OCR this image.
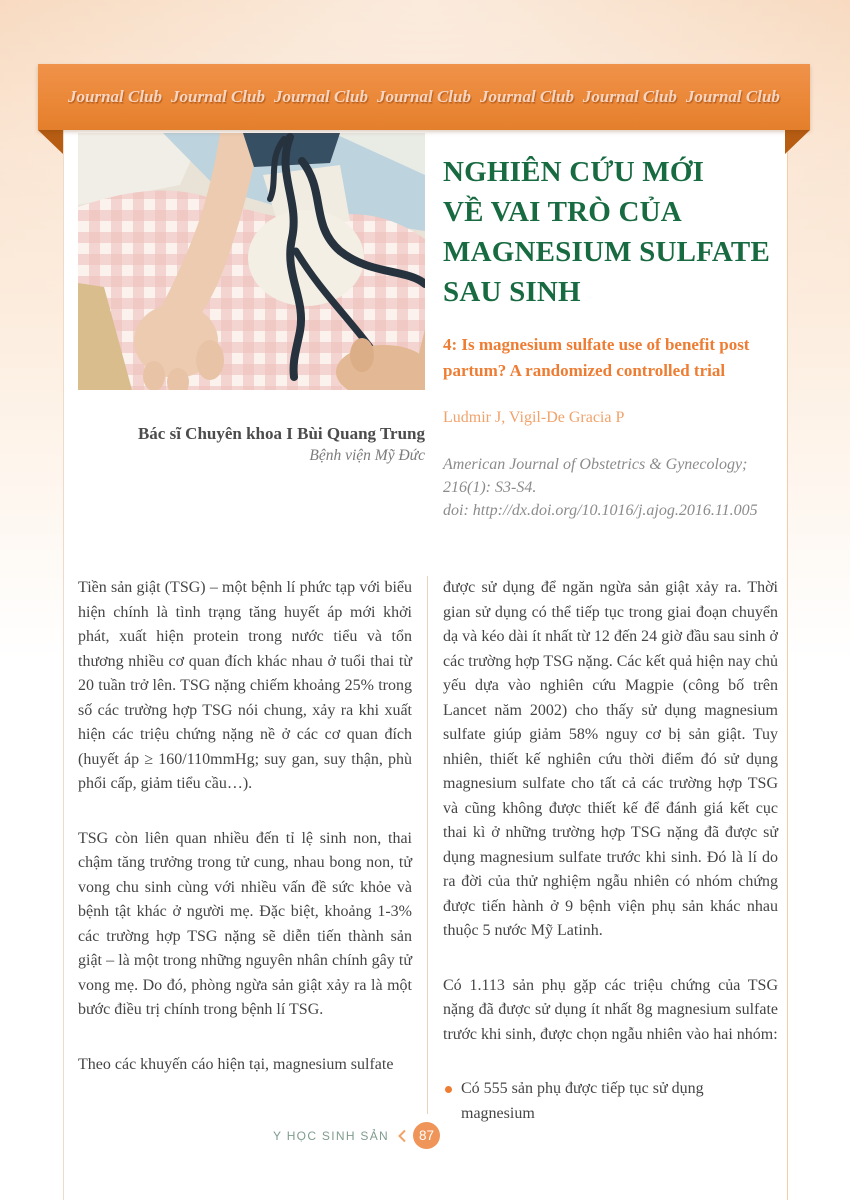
Journal Club Journal Club Journal Club Journal Club Journal Club Journal Club Journal Club
NGHIÊN CỨU MỚI
VỀ VAI TRÒ CỦA
MAGNESIUM SULFATE
SAU SINH
4: Is magnesium sulfate use of benefit post partum? A randomized controlled trial
Ludmir J, Vigil-De Gracia P
American Journal of Obstetrics & Gynecology; 216(1): S3-S4.
doi: http://dx.doi.org/10.1016/j.ajog.2016.11.005
Bác sĩ Chuyên khoa I Bùi Quang Trung
Bệnh viện Mỹ Đức

Tiền sản giật (TSG) – một bệnh lí phức tạp với biểu hiện chính là tình trạng tăng huyết áp mới khởi phát, xuất hiện protein trong nước tiểu và tổn thương nhiều cơ quan đích khác nhau ở tuổi thai từ 20 tuần trở lên. TSG nặng chiếm khoảng 25% trong số các trường hợp TSG nói chung, xảy ra khi xuất hiện các triệu chứng nặng nề ở các cơ quan đích (huyết áp ≥ 160/110mmHg; suy gan, suy thận, phù phổi cấp, giảm tiểu cầu…).

TSG còn liên quan nhiều đến tỉ lệ sinh non, thai chậm tăng trưởng trong tử cung, nhau bong non, tử vong chu sinh cùng với nhiều vấn đề sức khỏe và bệnh tật khác ở người mẹ. Đặc biệt, khoảng 1-3% các trường hợp TSG nặng sẽ diễn tiến thành sản giật – là một trong những nguyên nhân chính gây tử vong mẹ. Do đó, phòng ngừa sản giật xảy ra là một bước điều trị chính trong bệnh lí TSG.

Theo các khuyến cáo hiện tại, magnesium sulfate

được sử dụng để ngăn ngừa sản giật xảy ra. Thời gian sử dụng có thể tiếp tục trong giai đoạn chuyển dạ và kéo dài ít nhất từ 12 đến 24 giờ đầu sau sinh ở các trường hợp TSG nặng. Các kết quả hiện nay chủ yếu dựa vào nghiên cứu Magpie (công bố trên Lancet năm 2002) cho thấy sử dụng magnesium sulfate giúp giảm 58% nguy cơ bị sản giật. Tuy nhiên, thiết kế nghiên cứu thời điểm đó sử dụng magnesium sulfate cho tất cả các trường hợp TSG và cũng không được thiết kế để đánh giá kết cục thai kì ở những trường hợp TSG nặng đã được sử dụng magnesium sulfate trước khi sinh. Đó là lí do ra đời của thử nghiệm ngẫu nhiên có nhóm chứng được tiến hành ở 9 bệnh viện phụ sản khác nhau thuộc 5 nước Mỹ Latinh.

Có 1.113 sản phụ gặp các triệu chứng của TSG nặng đã được sử dụng ít nhất 8g magnesium sulfate trước khi sinh, được chọn ngẫu nhiên vào hai nhóm:

Có 555 sản phụ được tiếp tục sử dụng magnesium
Y HỌC SINH SẢN	87
